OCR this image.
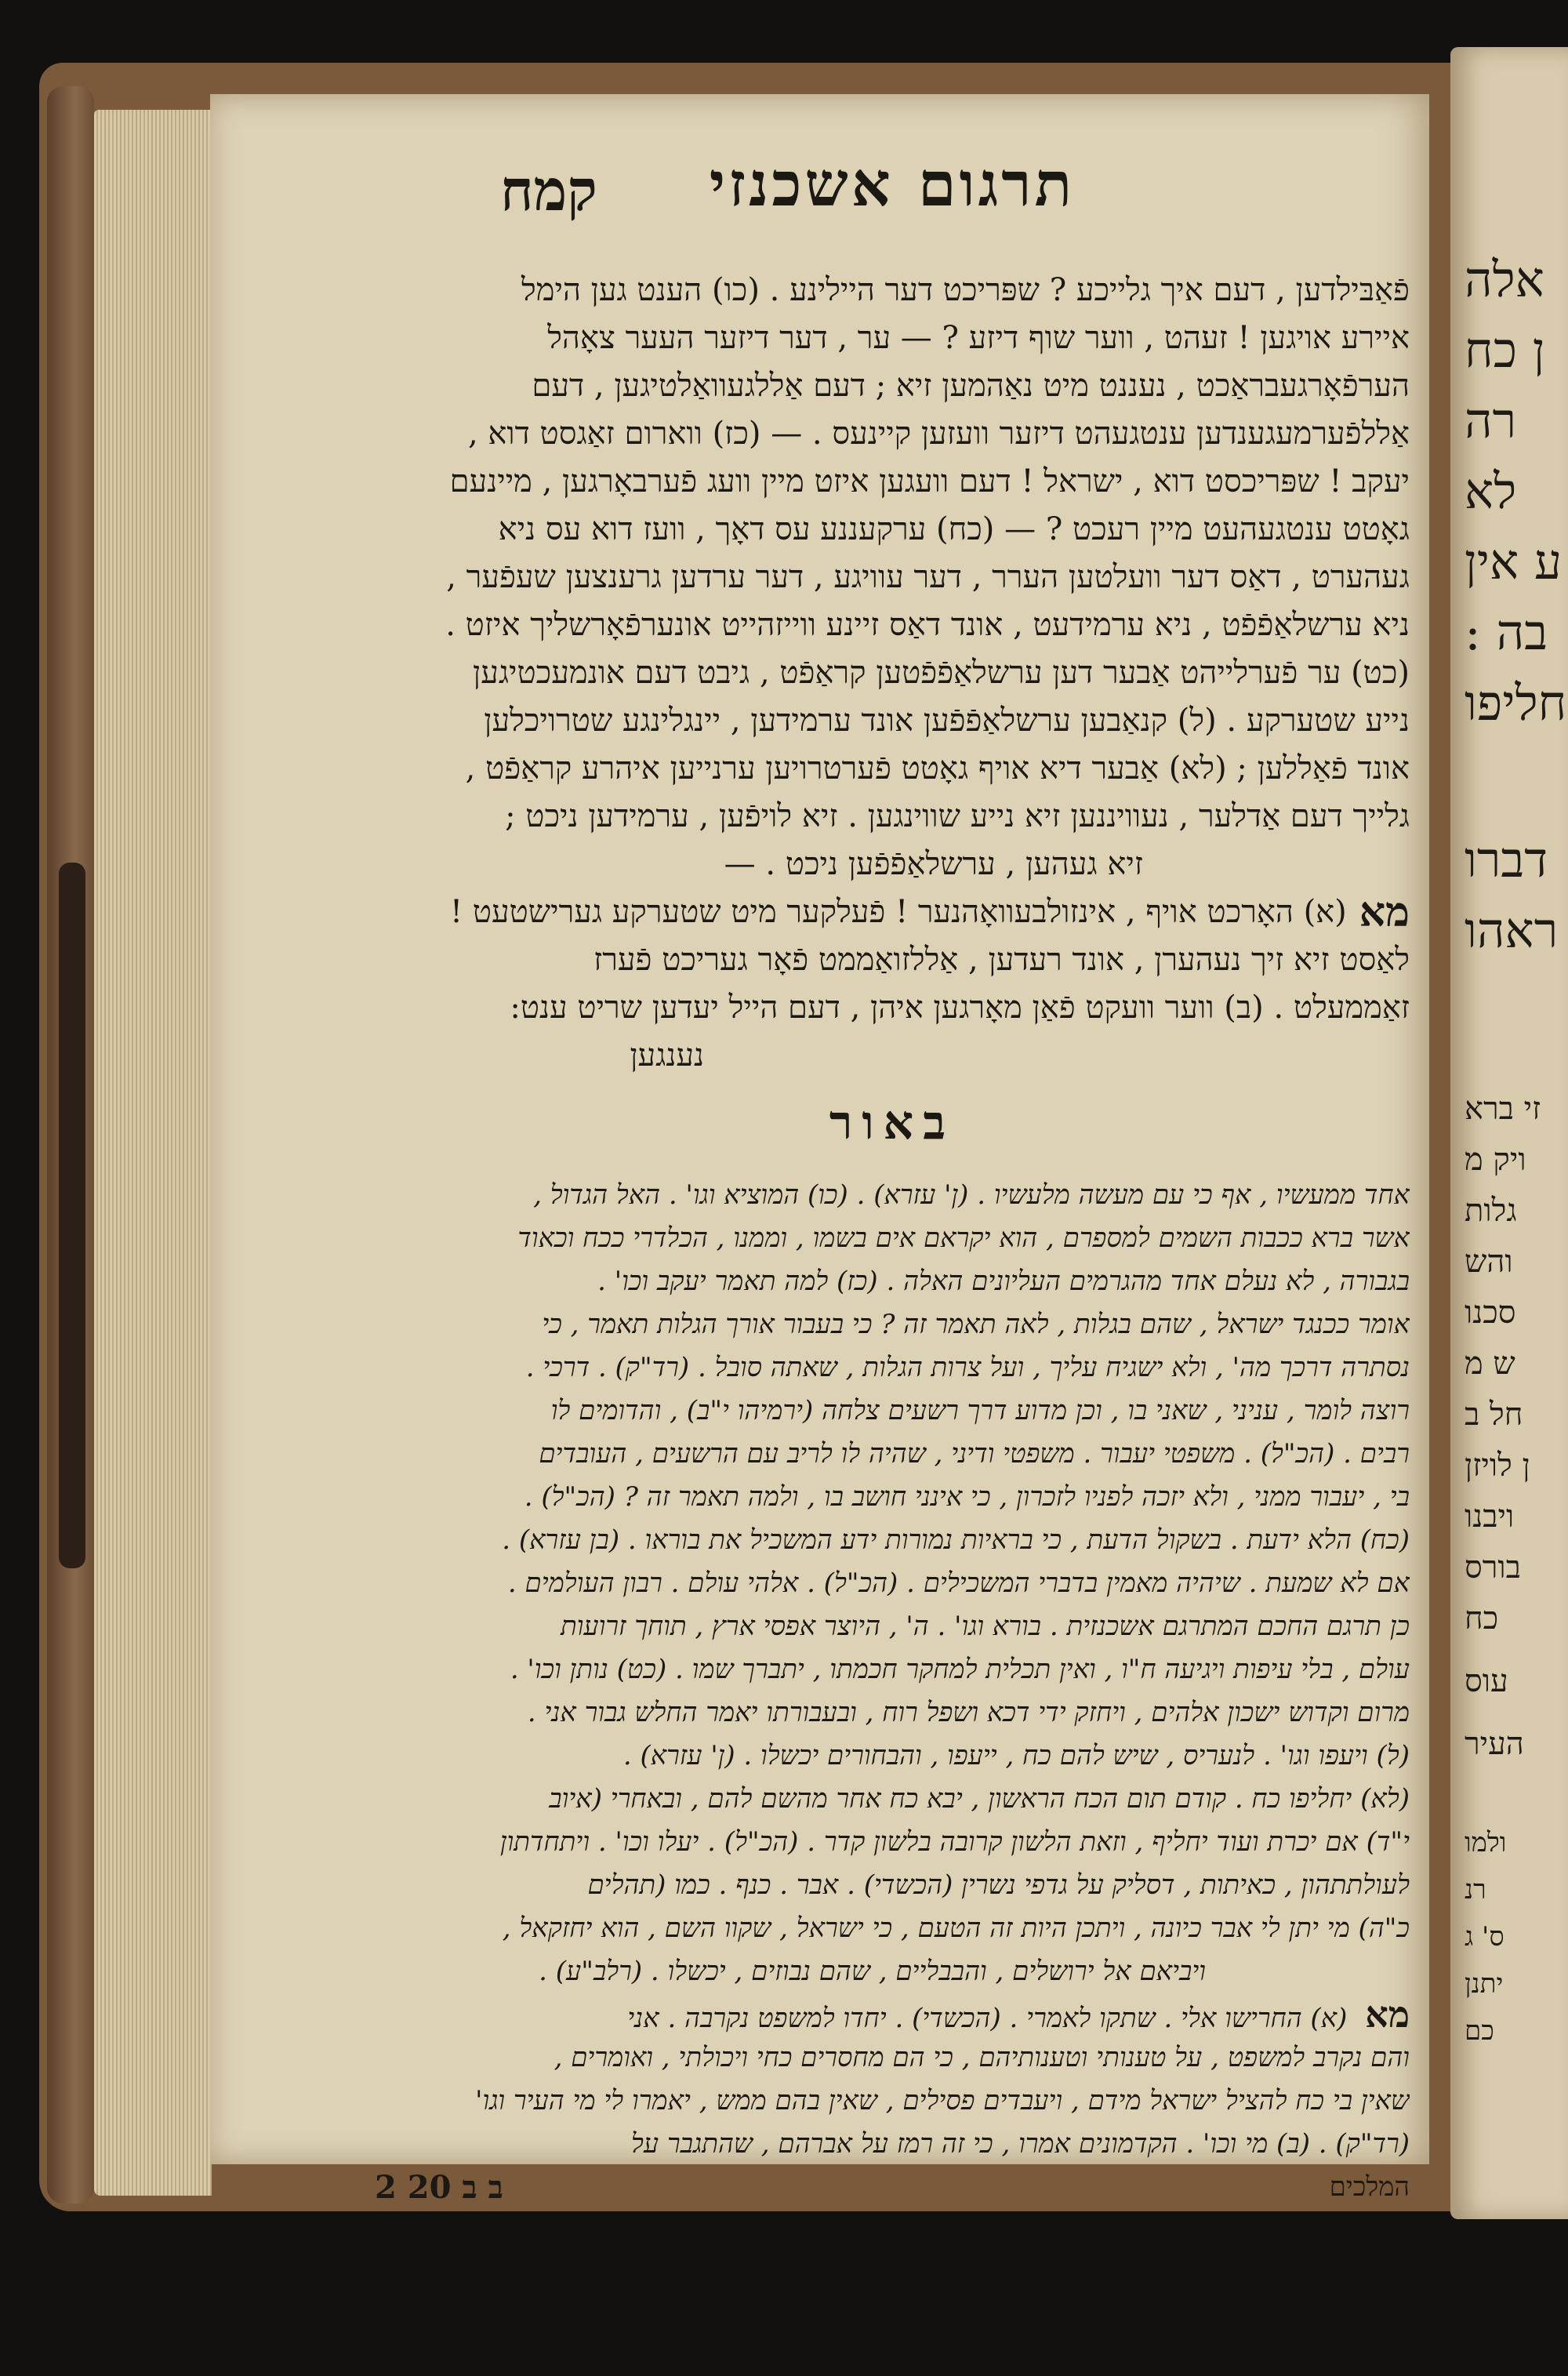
אלה
ן כח
רה
לא
ע אין
בה :
חליפו
דברו
ראהו
זי ברא
ויק מ
גלות
והש
סכנו
ש מ
חל ב
ן לויזן
ויבנו
בורס
כח
עוס
העיר
ולמו
רנ
ס' ג
יתנן
כם
תרגום אשכנזי
קמח
פֿאַבּילדען , דעם איך גלייכע ? שפּריכט דער היילינע . (כו) הענט גען הימל
איירע אויגען ! זעהט , ווער שוף דיזע ? — ער , דער דיזער העער צאָהל
הערפֿאָרגעבראַכט , נעננט מיט נאַהמען זיא ; דעם אַללגעוואַלטיגען , דעם
אַללפֿערמעגענדען ענטגעהט דיזער וועזען קיינעס . — (כז) ווארום זאַגסט דוא ,
יעקב ! שפּריכסט דוא , ישראל ! דעם וועגען איזט מיין וועג פֿערבאָרגען , מיינעם
גאָטט ענטגעהעט מיין רעכט ? — (כח) ערקעננע עס דאָך , וועז דוא עס ניא
געהערט , דאַס דער וועלטען הערר , דער עוויגע , דער ערדען גרענצען שעפֿער ,
ניא ערשלאַפֿפֿט , ניא ערמידעט , אונד דאַס זיינע ווייזהייט אונערפֿאָרשליך איזט .
(כט) ער פֿערלייהט אַבער דען ערשלאַפֿפֿטען קראַפֿט , גיבט דעם אונמעכטיגען
נייע שטערקע . (ל) קנאַבען ערשלאַפֿפֿען אונד ערמידען , יינגלינגע שטרויכלען
אונד פֿאַללען ; (לא) אַבער דיא אויף גאָטט פֿערטרויען ערנייען איהרע קראַפֿט ,
גלייך דעם אַדלער , נעוויננען זיא נייע שווינגען . זיא לויפֿען , ערמידען ניכט ;
זיא געהען , ערשלאַפֿפֿען ניכט . —
מא
(א) האָרכט אויף , אינזולבעוואָהנער ! פֿעלקער מיט שטערקע גערישטעט !
לאַסט זיא זיך נעהערן , אונד רעדען , אַללזואַממט פֿאָר געריכט פֿערז
זאַממעלט . (ב) ווער וועקט פֿאַן מאָרגען איהן , דעם הייל יעדען שריט ענט:
נענגען
באור
אחד ממעשיו , אף כי עם מעשה מלעשיו . (ן' עזרא) . (כו) המוציא וגו' . האל הגדול ,
אשר ברא ככבות השמים למספרם , הוא יקראם אים בשמו , וממנו , הכלדרי ככח וכאוד
בגבורה , לא נעלם אחד מהגרמים העליונים האלה . (כז) למה תאמר יעקב וכו' .
אומר ככנגד ישראל , שהם בגלות , לאה תאמר זה ? כי בעבור אורך הגלות תאמר , כי
נסתרה דרכך מה' , ולא ישגיח עליך , ועל צרות הגלות , שאתה סובל . (רד"ק) . דרכי .
רוצה לומר , עניני , שאני בו , וכן מדוע דרך רשעים צלחה (ירמיהו י"ב) , והדומים לו
רבים . (הכ"ל) . משפטי יעבור . משפטי ודיני , שהיה לו לריב עם הרשעים , העובדים
בי , יעבור ממני , ולא יזכה לפניו לזכרון , כי אינני חושב בו , ולמה תאמר זה ? (הכ"ל) .
(כח) הלא ידעת . בשקול הדעת , כי בראיות נמורות ידע המשכיל את בוראו . (בן עזרא) .
אם לא שמעת . שיהיה מאמין בדברי המשכילים . (הכ"ל) . אלהי עולם . רבון העולמים .
כן תרגם החכם המתרגם אשכנזית . בורא וגו' . ה' , היוצר אפסי ארץ , תוחך זרועות
עולם , בלי עיפות ויגיעה ח"ו , ואין תכלית למחקר חכמתו , יתברך שמו . (כט) נותן וכו' .
מרום וקדוש ישכון אלהים , ויחזק ידי דכא ושפל רוח , ובעבורתו יאמר החלש גבור אני .
(ל) ויעפו וגו' . לנעריס , שיש להם כח , ייעפו , והבחורים יכשלו . (ן' עזרא) .
(לא) יחליפו כח . קודם תום הכח הראשון , יבא כח אחר מהשם להם , ובאחרי (איוב
י"ד) אם יכרת ועוד יחליף , וזאת הלשון קרובה בלשון קדר . (הכ"ל) . יעלו וכו' . ויתחדתון
לעולתתהון , כאיתות , דסליק על גדפי נשרין (הכשדי) . אבר . כנף . כמו (תהלים
כ"ה) מי יתן לי אבר כיונה , ויתכן היות זה הטעם , כי ישראל , שקוו השם , הוא יחזקאל ,
ויביאם אל ירושלים , והבבליים , שהם נבוזים , יכשלו . (רלב"ע) .
מא (א) החרישו אלי . שתקו לאמרי . (הכשדי) . יחדו למשפט נקרבה . אני
והם נקרב למשפט , על טענותי וטענותיהם , כי הם מחסרים כחי ויכולתי , ואומרים ,
שאין בי כח להציל ישראל מידם , ויעבדים פסילים , שאין בהם ממש , יאמרו לי מי העיר וגו'
(רד"ק) . (ב) מי וכו' . הקדמונים אמרו , כי זה רמז על אברהם , שהתגבר על
המלכים
ב ב 20 2
